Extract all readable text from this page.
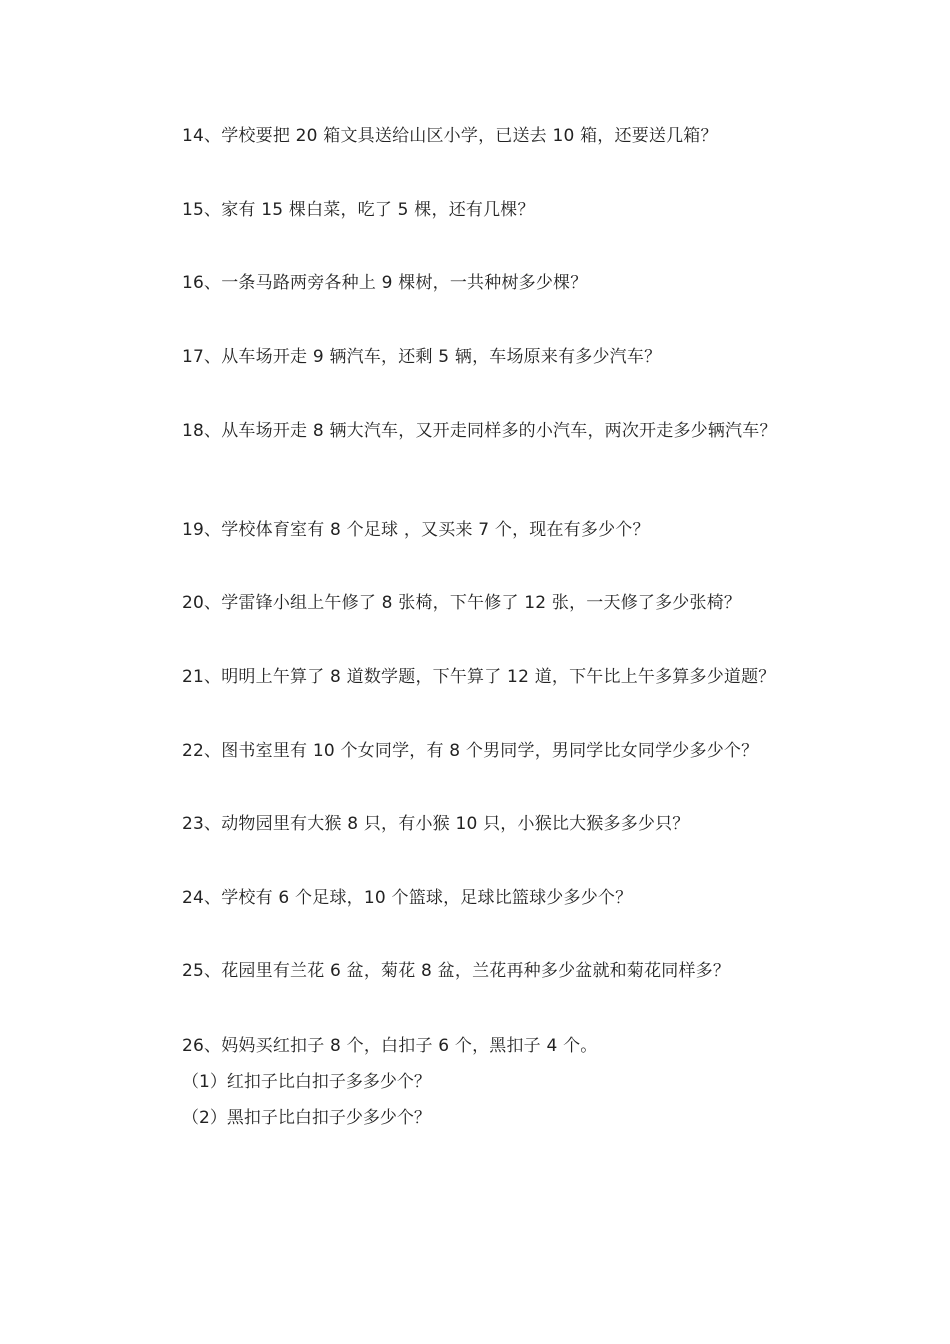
14、学校要把 20 箱文具送给山区小学，已送去 10 箱，还要送几箱？
15、家有 15 棵白菜，吃了 5 棵，还有几棵？
16、一条马路两旁各种上 9 棵树，一共种树多少棵？
17、从车场开走 9 辆汽车，还剩 5 辆，车场原来有多少汽车？
18、从车场开走 8 辆大汽车，又开走同样多的小汽车，两次开走多少辆汽车？
19、学校体育室有 8 个足球 ，又买来 7 个，现在有多少个？
20、学雷锋小组上午修了 8 张椅，下午修了 12 张，一天修了多少张椅？
21、明明上午算了 8 道数学题，下午算了 12 道，下午比上午多算多少道题？
22、图书室里有 10 个女同学，有 8 个男同学，男同学比女同学少多少个？
23、动物园里有大猴 8 只，有小猴 10 只，小猴比大猴多多少只？
24、学校有 6 个足球，10 个篮球，足球比篮球少多少个？
25、花园里有兰花 6 盆，菊花 8 盆，兰花再种多少盆就和菊花同样多？
26、妈妈买红扣子 8 个，白扣子 6 个，黑扣子 4 个。
（1）红扣子比白扣子多多少个？
（2）黑扣子比白扣子少多少个？
